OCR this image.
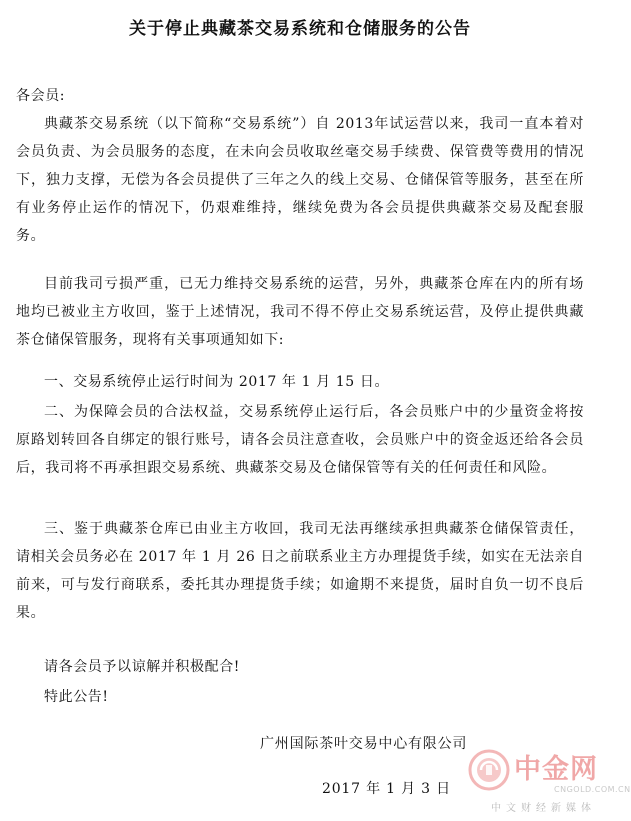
关于停止典藏茶交易系统和仓储服务的公告
各会员:
典藏茶交易系统（以下简称“交易系统”）自 2013年试运营以来，我司一直本着对会员负责、为会员服务的态度，在未向会员收取丝毫交易手续费、保管费等费用的情况下，独力支撑，无偿为各会员提供了三年之久的线上交易、仓储保管等服务，甚至在所有业务停止运作的情况下，仍艰难维持，继续免费为各会员提供典藏茶交易及配套服务。
目前我司亏损严重，已无力维持交易系统的运营，另外，典藏茶仓库在内的所有场地均已被业主方收回，鉴于上述情况，我司不得不停止交易系统运营，及停止提供典藏茶仓储保管服务，现将有关事项通知如下:
一、交易系统停止运行时间为 2017 年 1 月 15 日。
二、为保障会员的合法权益，交易系统停止运行后，各会员账户中的少量资金将按原路划转回各自绑定的银行账号，请各会员注意查收，会员账户中的资金返还给各会员后，我司将不再承担跟交易系统、典藏茶交易及仓储保管等有关的任何责任和风险。
三、鉴于典藏茶仓库已由业主方收回，我司无法再继续承担典藏茶仓储保管责任，请相关会员务必在 2017 年 1 月 26 日之前联系业主方办理提货手续，如实在无法亲自前来，可与发行商联系，委托其办理提货手续；如逾期不来提货，届时自负一切不良后果。
请各会员予以谅解并积极配合!
特此公告!
广州国际茶叶交易中心有限公司
2017 年 1 月 3 日
中金网
CNGOLD.COM.CN
中文财经新媒体
